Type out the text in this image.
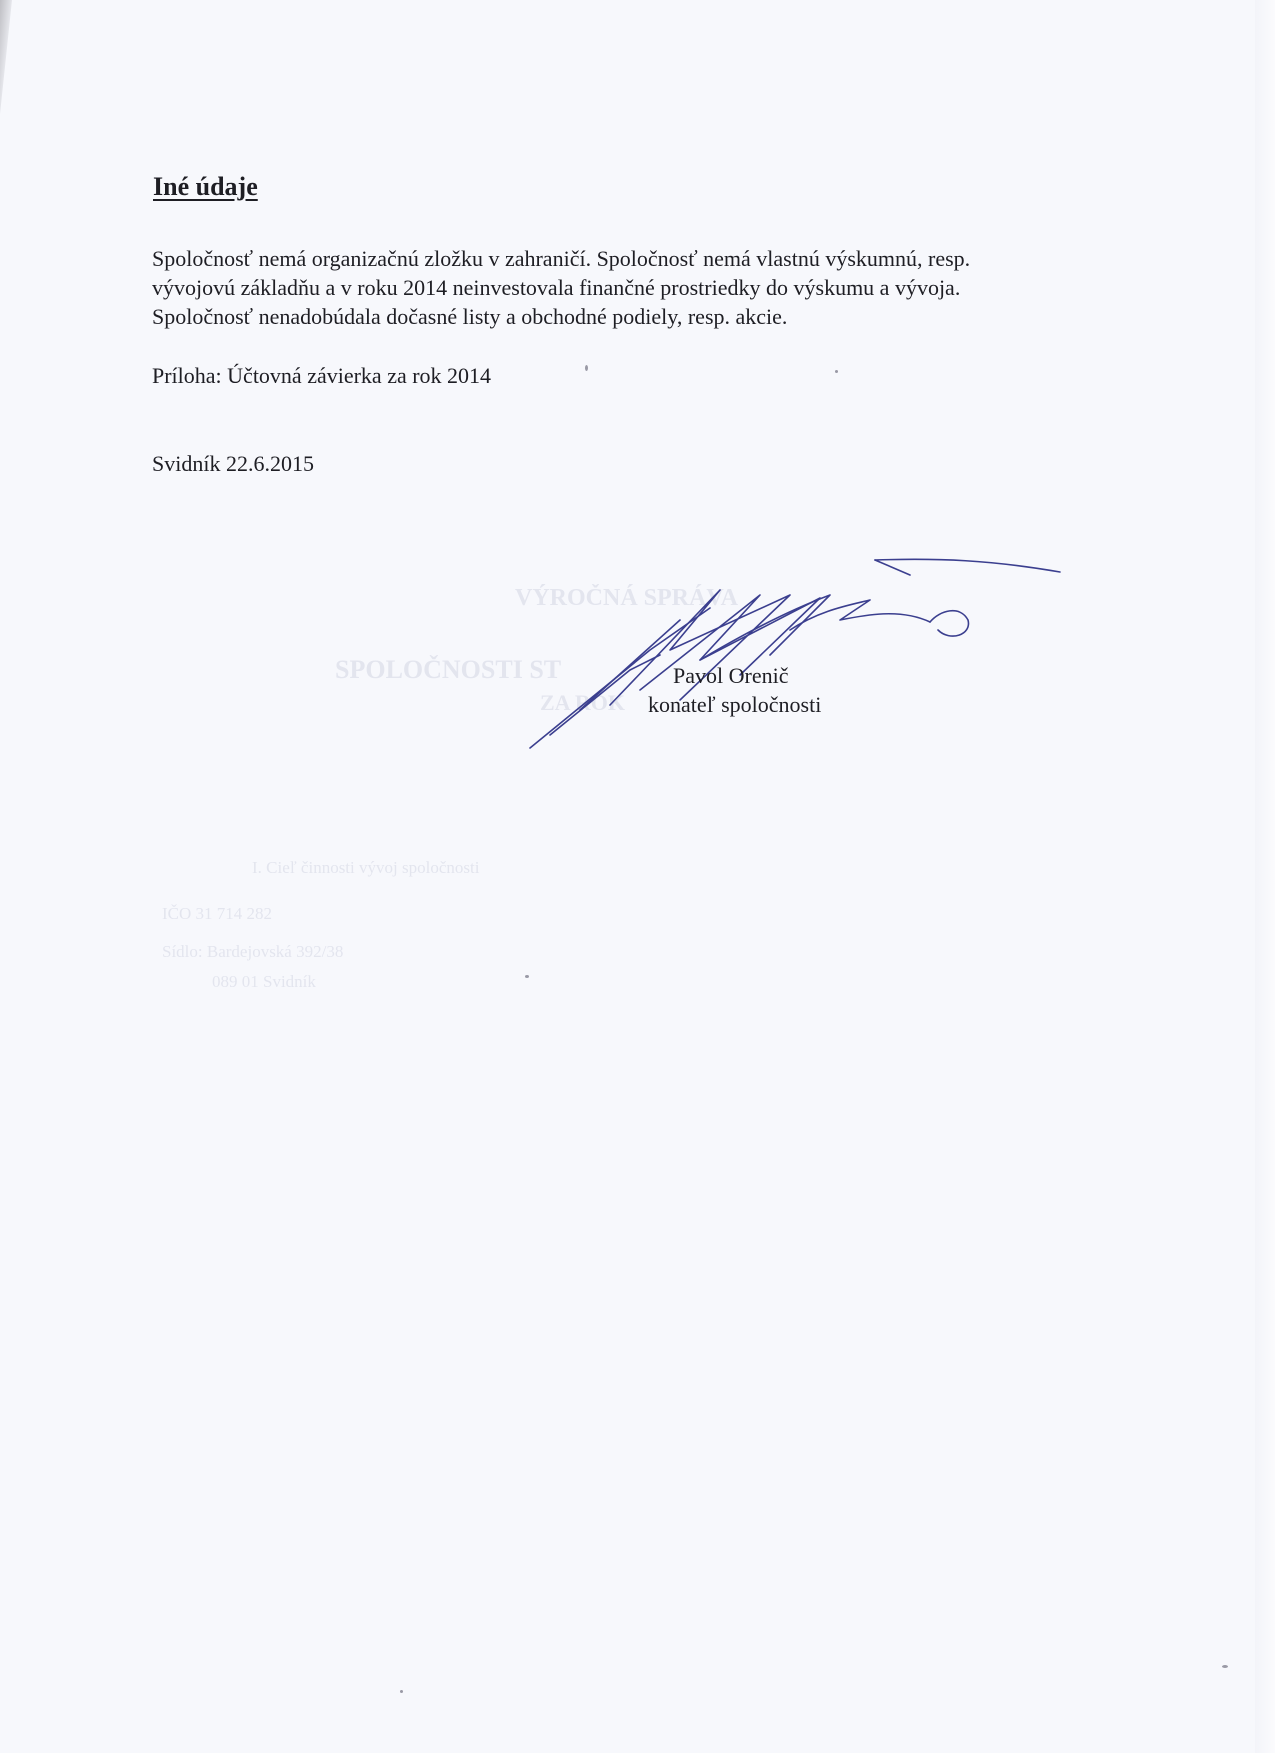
VÝROČNÁ SPRÁVA

SPOLOČNOSTI ST

ZA ROK

I. Cieľ činnosti vývoj spoločnosti

IČO 31 714 282

Sídlo: Bardejovská 392/38

089 01 Svidník

Iné údaje
Spoločnosť nemá organizačnú zložku v zahraničí. Spoločnosť nemá vlastnú výskumnú, resp.
vývojovú základňu a v roku 2014 neinvestovala finančné prostriedky do výskumu a vývoja.
Spoločnosť nenadobúdala dočasné listy a obchodné podiely, resp. akcie.

Príloha: Účtovná závierka za rok 2014

Svidník 22.6.2015

Pavol Orenič
konateľ spoločnosti
